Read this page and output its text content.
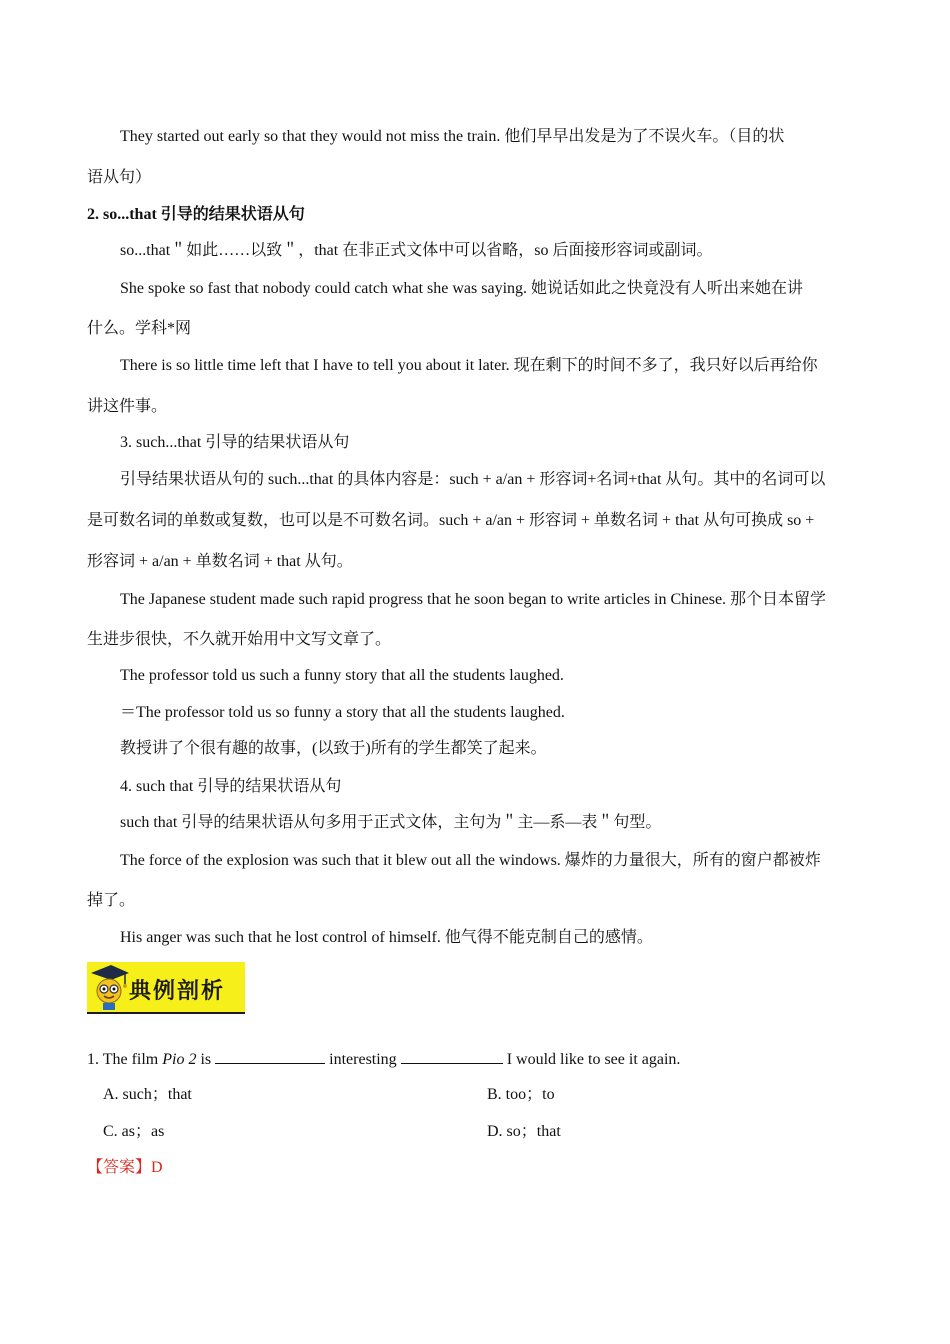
They started out early so that they would not miss the train. 他们早早出发是为了不误火车。（目的状
语从句）
2. so...that 引导的结果状语从句
so...that＂如此……以致＂，that 在非正式文体中可以省略，so 后面接形容词或副词。
She spoke so fast that nobody could catch what she was saying. 她说话如此之快竟没有人听出来她在讲
什么。学科*网
There is so little time left that I have to tell you about it later. 现在剩下的时间不多了，我只好以后再给你
讲这件事。
3. such...that 引导的结果状语从句
引导结果状语从句的 such...that 的具体内容是：such + a/an + 形容词+名词+that 从句。其中的名词可以
是可数名词的单数或复数，也可以是不可数名词。such + a/an + 形容词 + 单数名词 + that 从句可换成 so +
形容词 + a/an + 单数名词 + that 从句。
The Japanese student made such rapid progress that he soon began to write articles in Chinese. 那个日本留学
生进步很快，不久就开始用中文写文章了。
The professor told us such a funny story that all the students laughed.
＝The professor told us so funny a story that all the students laughed.
教授讲了个很有趣的故事，(以致于)所有的学生都笑了起来。
4. such that 引导的结果状语从句
such that 引导的结果状语从句多用于正式文体，主句为＂主—系—表＂句型。
The force of the explosion was such that it blew out all the windows. 爆炸的力量很大，所有的窗户都被炸
掉了。
His anger was such that he lost control of himself. 他气得不能克制自己的感情。
典例剖析
1. The film Pio 2 is	interesting	I would like to see it again.
A. such；that	B. too；to
C. as；as	D. so；that
【答案】D
